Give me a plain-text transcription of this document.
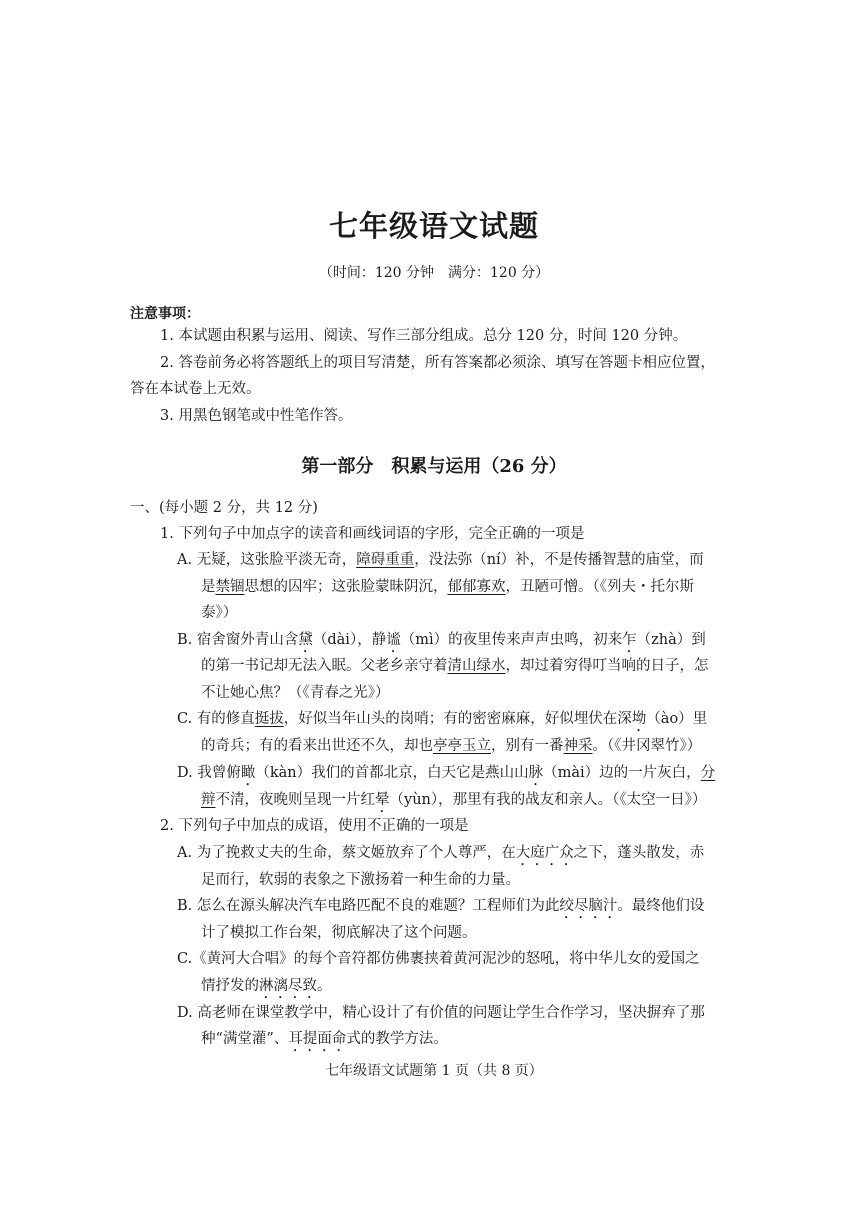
七年级语文试题
（时间：120 分钟　满分：120 分）
注意事项：
1. 本试题由积累与运用、阅读、写作三部分组成。总分 120 分，时间 120 分钟。
2. 答卷前务必将答题纸上的项目写清楚，所有答案都必须涂、填写在答题卡相应位置，
答在本试卷上无效。
3. 用黑色钢笔或中性笔作答。
第一部分　积累与运用（26 分）
一、(每小题 2 分，共 12 分)
1. 下列句子中加点字的读音和画线词语的字形，完全正确的一项是
A. 无疑，这张脸平淡无奇，障碍重重，没法弥（ní）补，不是传播智慧的庙堂，而
是禁锢思想的囚牢；这张脸蒙昧阴沉，郁郁寡欢，丑陋可憎。（《列夫・托尔斯
泰》）
B. 宿舍窗外青山含黛（dài），静谧（mì）的夜里传来声声虫鸣，初来乍（zhà）到
的第一书记却无法入眠。父老乡亲守着清山绿水，却过着穷得叮当响的日子，怎
不让她心焦？（《青春之光》）
C. 有的修直挺拔，好似当年山头的岗哨；有的密密麻麻，好似埋伏在深坳（ào）里
的奇兵；有的看来出世还不久，却也亭亭玉立，别有一番神采。（《井冈翠竹》）
D. 我曾俯瞰（kàn）我们的首都北京，白天它是燕山山脉（mài）边的一片灰白，分
辩不清，夜晚则呈现一片红晕（yùn），那里有我的战友和亲人。（《太空一日》）
2. 下列句子中加点的成语，使用不正确的一项是
A. 为了挽救丈夫的生命，蔡文姬放弃了个人尊严，在大庭广众之下，蓬头散发，赤
足而行，软弱的表象之下激扬着一种生命的力量。
B. 怎么在源头解决汽车电路匹配不良的难题？工程师们为此绞尽脑汁。最终他们设
计了模拟工作台架，彻底解决了这个问题。
C.《黄河大合唱》的每个音符都仿佛裹挟着黄河泥沙的怒吼，将中华儿女的爱国之
情抒发的淋漓尽致。
D. 高老师在课堂教学中，精心设计了有价值的问题让学生合作学习，坚决摒弃了那
种“满堂灌”、耳提面命式的教学方法。
七年级语文试题第 1 页（共 8 页）
